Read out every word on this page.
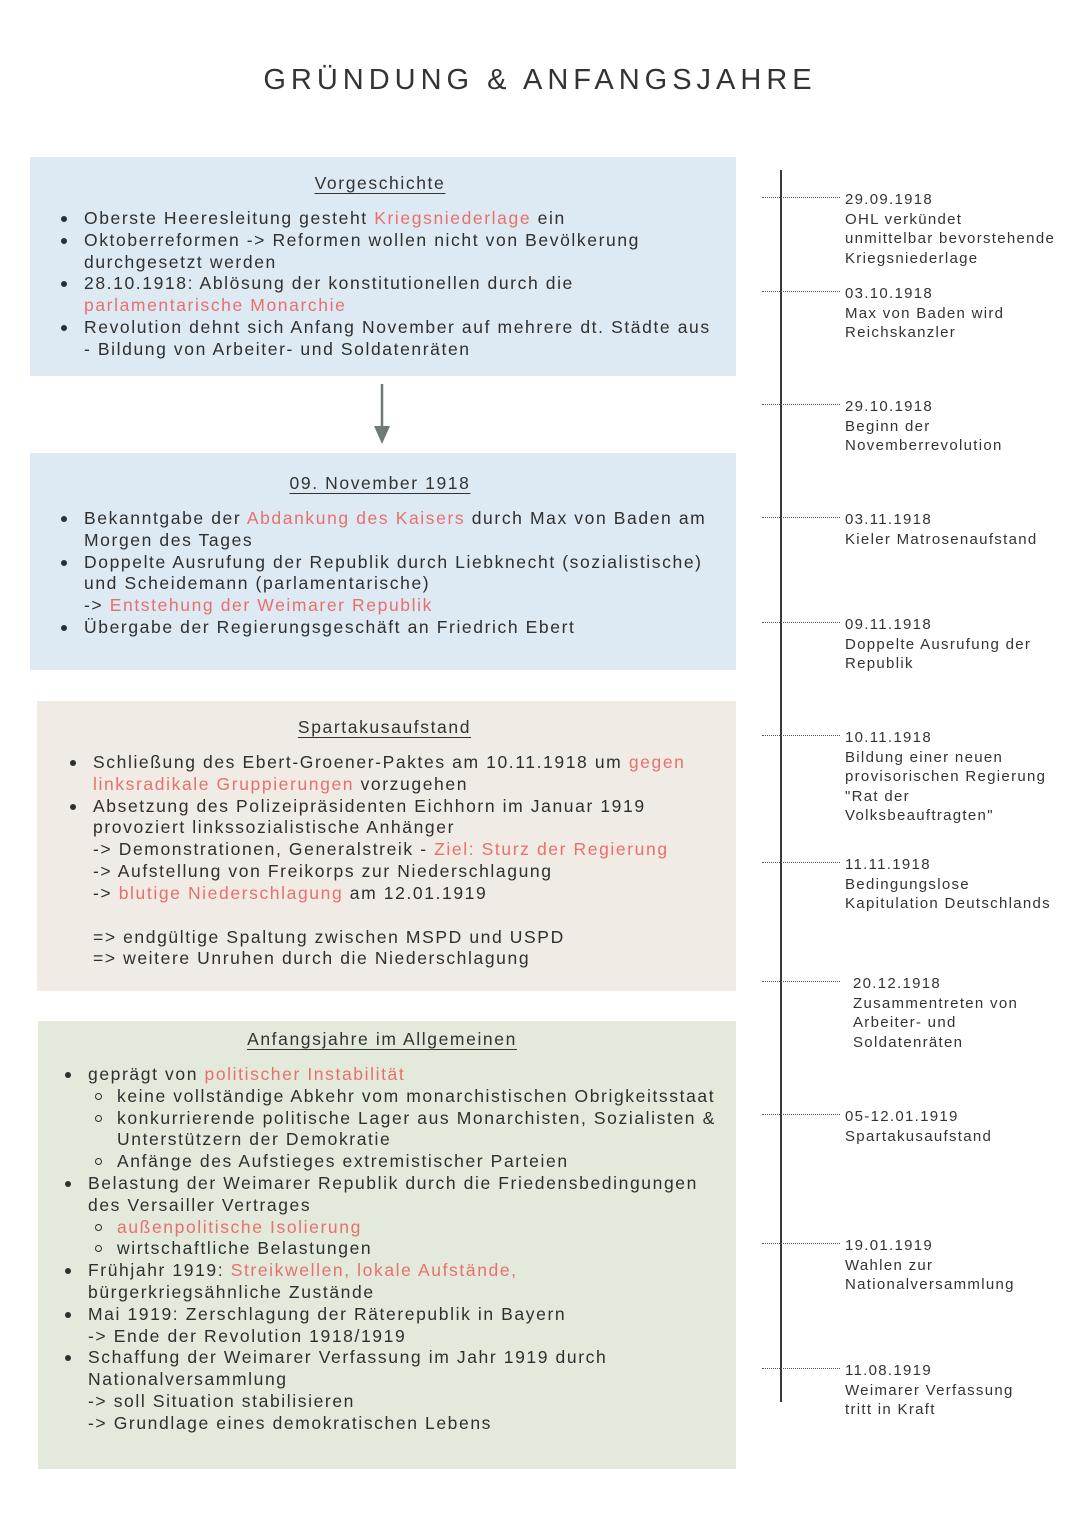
GRÜNDUNG & ANFANGSJAHRE
Vorgeschichte
Oberste Heeresleitung gesteht Kriegsniederlage ein
Oktoberreformen -> Reformen wollen nicht von Bevölkerung durchgesetzt werden
28.10.1918: Ablösung der konstitutionellen durch die parlamentarische Monarchie
Revolution dehnt sich Anfang November auf mehrere dt. Städte aus - Bildung von Arbeiter- und Soldatenräten
09. November 1918
Bekanntgabe der Abdankung des Kaisers durch Max von Baden am Morgen des Tages
Doppelte Ausrufung der Republik durch Liebknecht (sozialistische) und Scheidemann (parlamentarische)
-> Entstehung der Weimarer Republik
Übergabe der Regierungsgeschäft an Friedrich Ebert
Spartakusaufstand
Schließung des Ebert-Groener-Paktes am 10.11.1918 um gegen linksradikale Gruppierungen vorzugehen
Absetzung des Polizeipräsidenten Eichhorn im Januar 1919 provoziert linkssozialistische Anhänger
-> Demonstrationen, Generalstreik - Ziel: Sturz der Regierung
-> Aufstellung von Freikorps zur Niederschlagung
-> blutige Niederschlagung am 12.01.1919
=> endgültige Spaltung zwischen MSPD und USPD
=> weitere Unruhen durch die Niederschlagung
Anfangsjahre im Allgemeinen
geprägt von politischer Instabilität
keine vollständige Abkehr vom monarchistischen Obrigkeitsstaat
konkurrierende politische Lager aus Monarchisten, Sozialisten & Unterstützern der Demokratie
Anfänge des Aufstieges extremistischer Parteien
Belastung der Weimarer Republik durch die Friedensbedingungen des Versailler Vertrages
außenpolitische Isolierung
wirtschaftliche Belastungen
Frühjahr 1919: Streikwellen, lokale Aufstände, bürgerkriegsähnliche Zustände
Mai 1919: Zerschlagung der Räterepublik in Bayern
-> Ende der Revolution 1918/1919
Schaffung der Weimarer Verfassung im Jahr 1919 durch Nationalversammlung
-> soll Situation stabilisieren
-> Grundlage eines demokratischen Lebens
29.09.1918
OHL verkündet
unmittelbar bevorstehende
Kriegsniederlage
03.10.1918
Max von Baden wird
Reichskanzler
29.10.1918
Beginn der
Novemberrevolution
03.11.1918
Kieler Matrosenaufstand
09.11.1918
Doppelte Ausrufung der
Republik
10.11.1918
Bildung einer neuen
provisorischen Regierung
"Rat der
Volksbeauftragten"
11.11.1918
Bedingungslose
Kapitulation Deutschlands
20.12.1918
Zusammentreten von
Arbeiter- und
Soldatenräten
05-12.01.1919
Spartakusaufstand
19.01.1919
Wahlen zur
Nationalversammlung
11.08.1919
Weimarer Verfassung
tritt in Kraft
